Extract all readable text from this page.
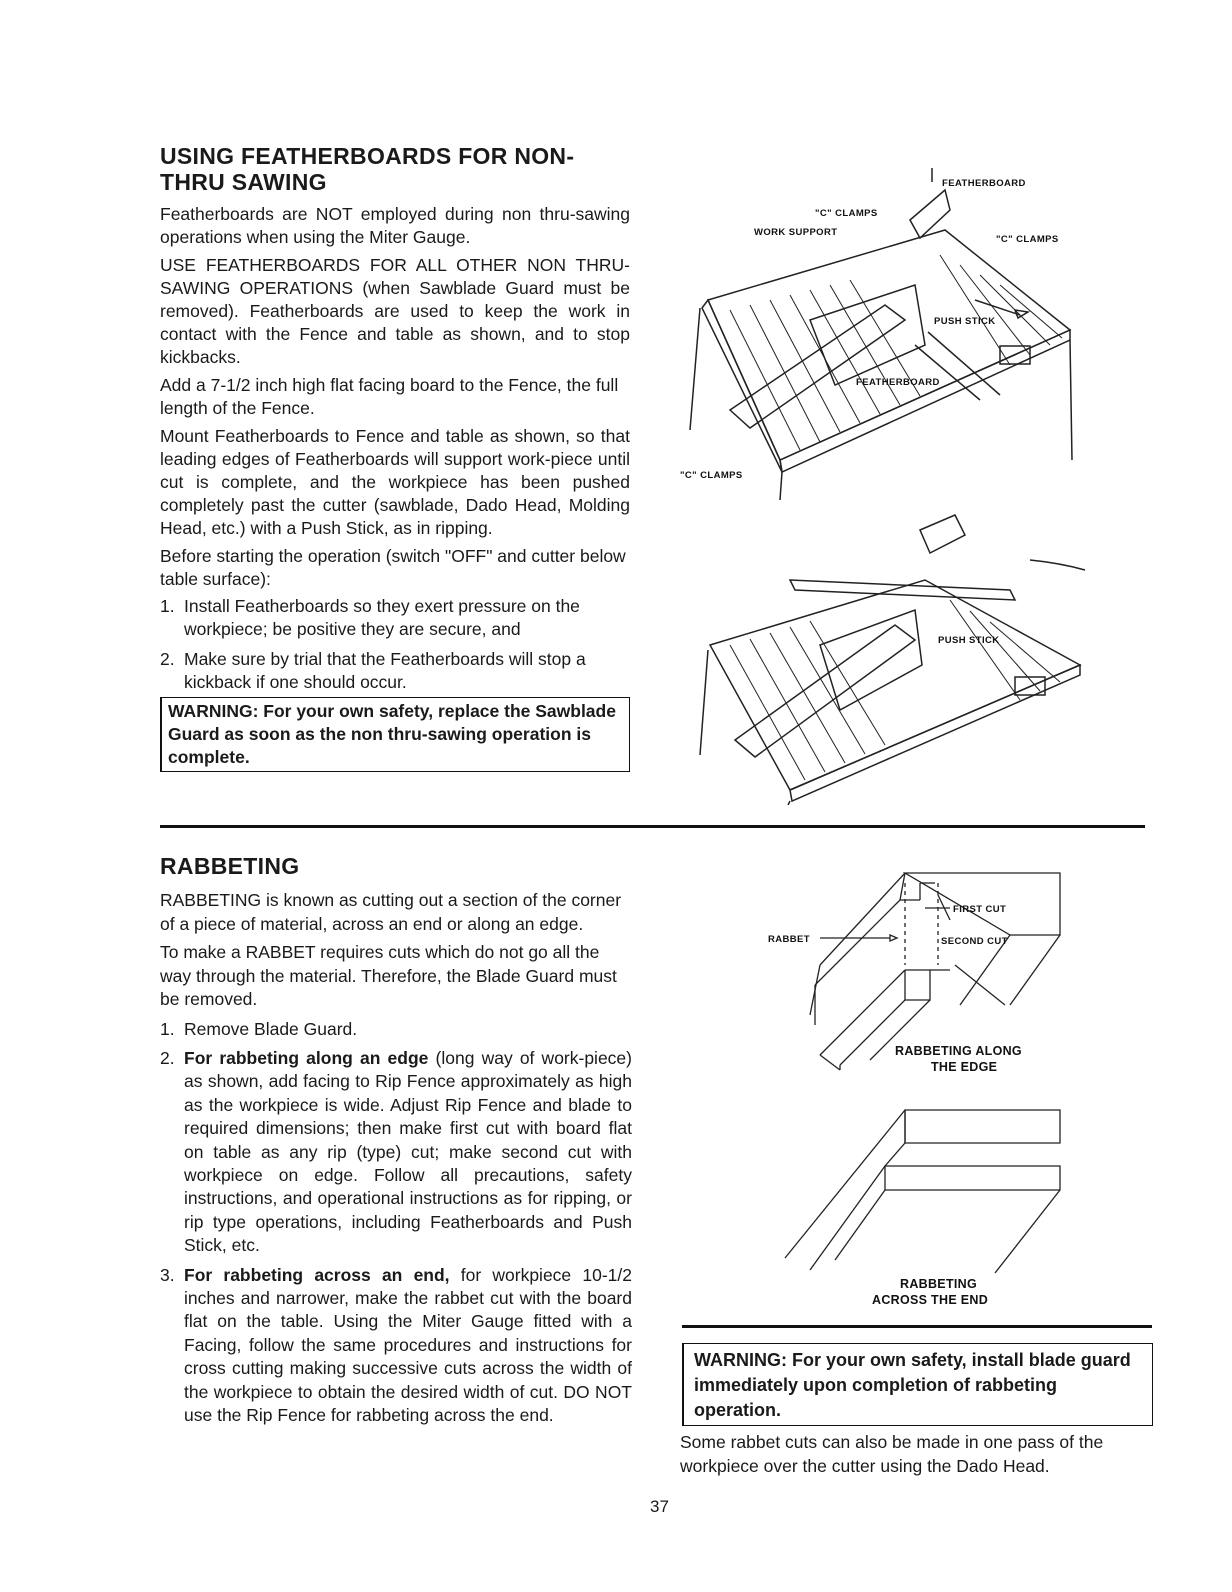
USING FEATHERBOARDS FOR NON-
THRU SAWING

Featherboards are NOT employed during non thru-sawing operations when using the Miter Gauge.

USE FEATHERBOARDS FOR ALL OTHER NON THRU-SAWING OPERATIONS (when Sawblade Guard must be removed). Featherboards are used to keep the work in contact with the Fence and table as shown, and to stop kickbacks.

Add a 7-1/2 inch high flat facing board to the Fence, the full length of the Fence.

Mount Featherboards to Fence and table as shown, so that leading edges of Featherboards will support work-piece until cut is complete, and the workpiece has been pushed completely past the cutter (sawblade, Dado Head, Molding Head, etc.) with a Push Stick, as in ripping.

Before starting the operation (switch "OFF" and cutter below table surface):

1. Install Featherboards so they exert pressure on the workpiece; be positive they are secure, and
2. Make sure by trial that the Featherboards will stop a kickback if one should occur.
WARNING: For your own safety, replace the Sawblade Guard as soon as the non thru-sawing operation is complete.
FEATHERBOARD
"C" CLAMPS
WORK SUPPORT
"C" CLAMPS
PUSH STICK
FEATHERBOARD
"C" CLAMPS
PUSH STICK
RABBETING

RABBETING is known as cutting out a section of the corner of a piece of material, across an end or along an edge.

To make a RABBET requires cuts which do not go all the way through the material. Therefore, the Blade Guard must be removed.

1. Remove Blade Guard.
2. For rabbeting along an edge (long way of work-piece) as shown, add facing to Rip Fence approximately as high as the workpiece is wide. Adjust Rip Fence and blade to required dimensions; then make first cut with board flat on table as any rip (type) cut; make second cut with workpiece on edge. Follow all precautions, safety instructions, and operational instructions as for ripping, or rip type operations, including Featherboards and Push Stick, etc.
3. For rabbeting across an end, for workpiece 10-1/2 inches and narrower, make the rabbet cut with the board flat on the table. Using the Miter Gauge fitted with a Facing, follow the same procedures and instructions for cross cutting making successive cuts across the width of the workpiece to obtain the desired width of cut. DO NOT use the Rip Fence for rabbeting across the end.
FIRST CUT
RABBET	SECOND CUT
RABBETING ALONG
THE EDGE
RABBETING
ACROSS THE END
WARNING: For your own safety, install blade guard immediately upon completion of rabbeting operation.

Some rabbet cuts can also be made in one pass of the workpiece over the cutter using the Dado Head.

37
